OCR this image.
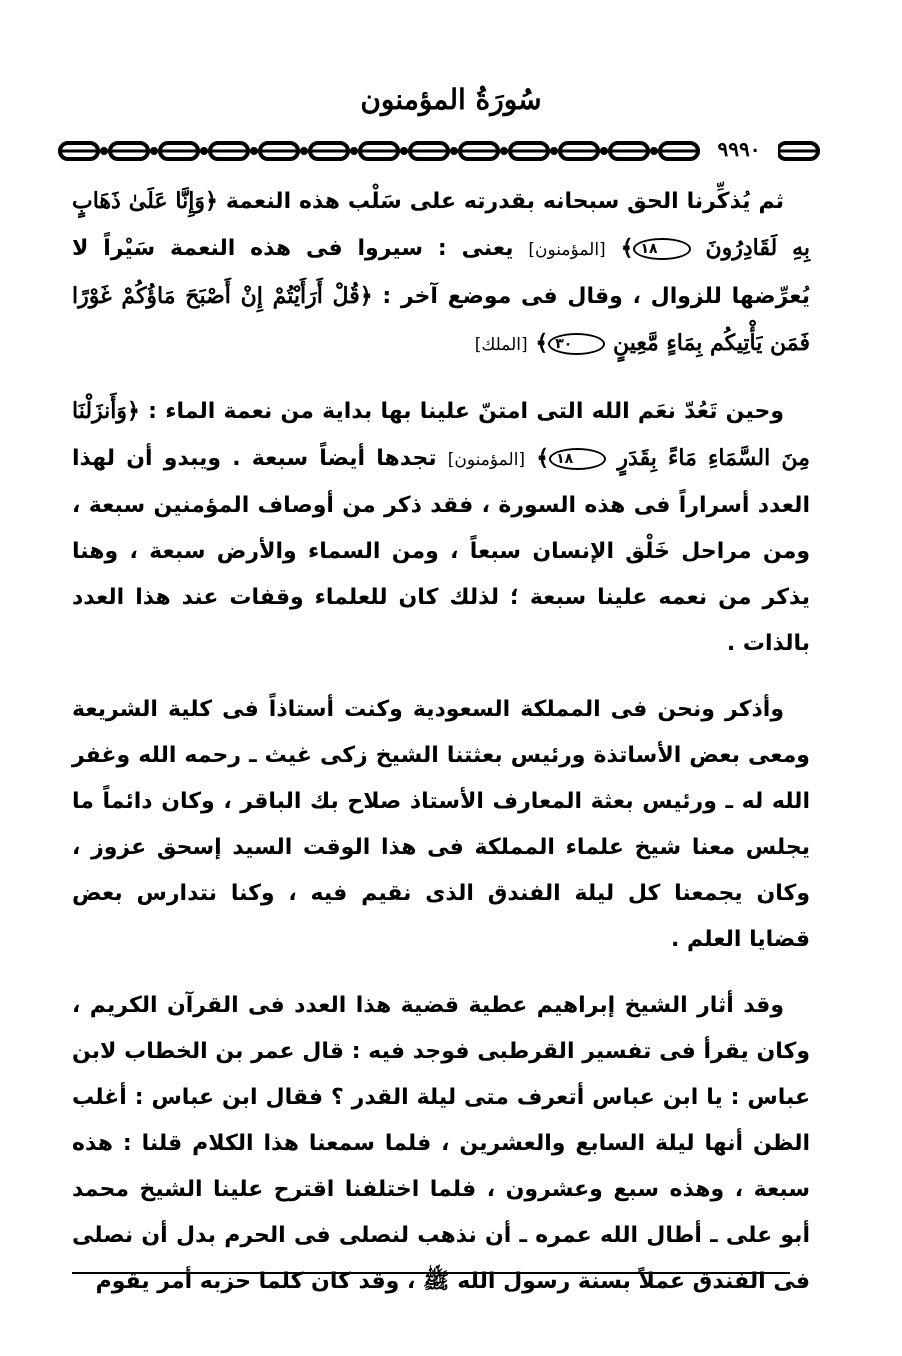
سُورَةُ المؤمنون
٩٩٩٠

ثم يُذكِّرنا الحق سبحانه بقدرته على سَلْب هذه النعمة ﴿وَإِنَّا عَلَىٰ ذَهَابٍ بِهِ لَقَادِرُونَ ١٨﴾ [المؤمنون] يعنى : سيروا فى هذه النعمة سَيْراً لا يُعرِّضها للزوال ، وقال فى موضع آخر : ﴿قُلْ أَرَأَيْتُمْ إِنْ أَصْبَحَ مَاؤُكُمْ غَوْرًا فَمَن يَأْتِيكُم بِمَاءٍ مَّعِينٍ ٣٠﴾ [الملك]

وحين تَعُدّ نعَم الله التى امتنّ علينا بها بداية من نعمة الماء : ﴿وَأَنزَلْنَا مِنَ السَّمَاءِ مَاءً بِقَدَرٍ ١٨﴾ [المؤمنون] تجدها أيضاً سبعة . ويبدو أن لهذا العدد أسراراً فى هذه السورة ، فقد ذكر من أوصاف المؤمنين سبعة ، ومن مراحل خَلْق الإنسان سبعاً ، ومن السماء والأرض سبعة ، وهنا يذكر من نعمه علينا سبعة ؛ لذلك كان للعلماء وقفات عند هذا العدد بالذات .

وأذكر ونحن فى المملكة السعودية وكنت أستاذاً فى كلية الشريعة ومعى بعض الأساتذة ورئيس بعثتنا الشيخ زكى غيث ـ رحمه الله وغفر الله له ـ ورئيس بعثة المعارف الأستاذ صلاح بك الباقر ، وكان دائماً ما يجلس معنا شيخ علماء المملكة فى هذا الوقت السيد إسحق عزوز ، وكان يجمعنا كل ليلة الفندق الذى نقيم فيه ، وكنا نتدارس بعض قضايا العلم .

وقد أثار الشيخ إبراهيم عطية قضية هذا العدد فى القرآن الكريم ، وكان يقرأ فى تفسير القرطبى فوجد فيه : قال عمر بن الخطاب لابن عباس : يا ابن عباس أتعرف متى ليلة القدر ؟ فقال ابن عباس : أغلب الظن أنها ليلة السابع والعشرين ، فلما سمعنا هذا الكلام قلنا : هذه سبعة ، وهذه سبع وعشرون ، فلما اختلفنا اقترح علينا الشيخ محمد أبو على ـ أطال الله عمره ـ أن نذهب لنصلى فى الحرم بدل أن نصلى فى الفندق عملاً بسنة رسول الله ﷺ ، وقد كان كلما حزبه أمر يقوم
